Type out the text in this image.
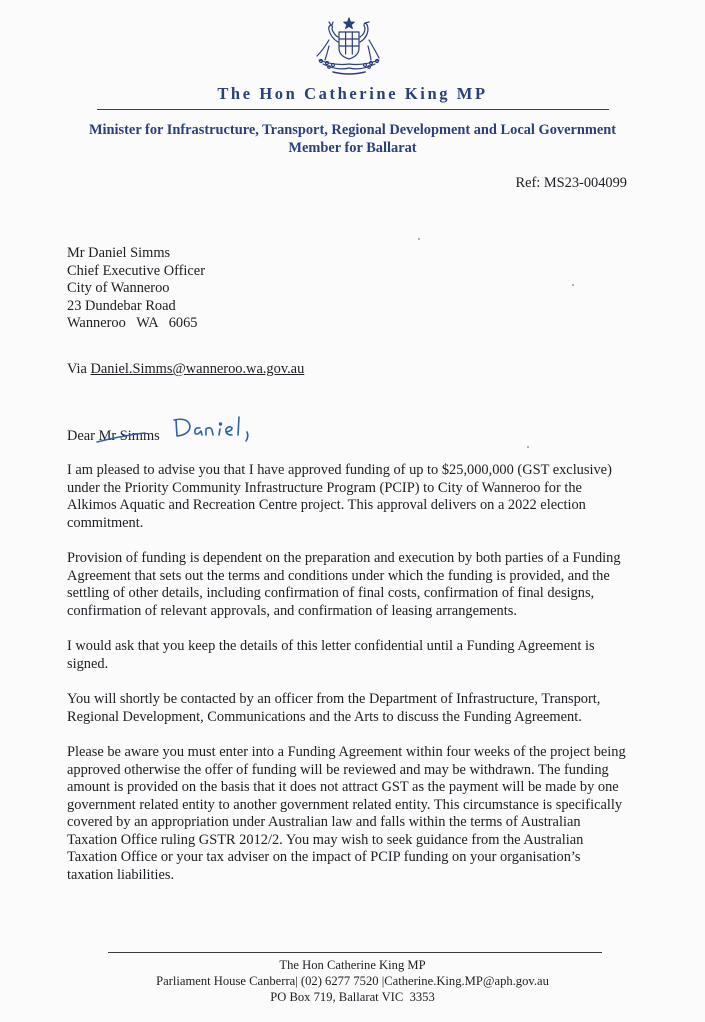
The Hon Catherine King MP
Minister for Infrastructure, Transport, Regional Development and Local Government
Member for Ballarat
Ref: MS23-004099
Mr Daniel Simms
Chief Executive Officer
City of Wanneroo
23 Dundebar Road
Wanneroo   WA   6065
Via Daniel.Simms@wanneroo.wa.gov.au
Dear Mr Simms

I am pleased to advise you that I have approved funding of up to $25,000,000 (GST exclusive) under the Priority Community Infrastructure Program (PCIP) to City of Wanneroo for the Alkimos Aquatic and Recreation Centre project. This approval delivers on a 2022 election commitment.

Provision of funding is dependent on the preparation and execution by both parties of a Funding Agreement that sets out the terms and conditions under which the funding is provided, and the settling of other details, including confirmation of final costs, confirmation of final designs, confirmation of relevant approvals, and confirmation of leasing arrangements.

I would ask that you keep the details of this letter confidential until a Funding Agreement is signed.

You will shortly be contacted by an officer from the Department of Infrastructure, Transport, Regional Development, Communications and the Arts to discuss the Funding Agreement.

Please be aware you must enter into a Funding Agreement within four weeks of the project being approved otherwise the offer of funding will be reviewed and may be withdrawn. The funding amount is provided on the basis that it does not attract GST as the payment will be made by one government related entity to another government related entity. This circumstance is specifically covered by an appropriation under Australian law and falls within the terms of Australian Taxation Office ruling GSTR 2012/2. You may wish to seek guidance from the Australian Taxation Office or your tax adviser on the impact of PCIP funding on your organisation’s taxation liabilities.

The Hon Catherine King MP
Parliament House Canberra| (02) 6277 7520 |Catherine.King.MP@aph.gov.au
PO Box 719, Ballarat VIC  3353
